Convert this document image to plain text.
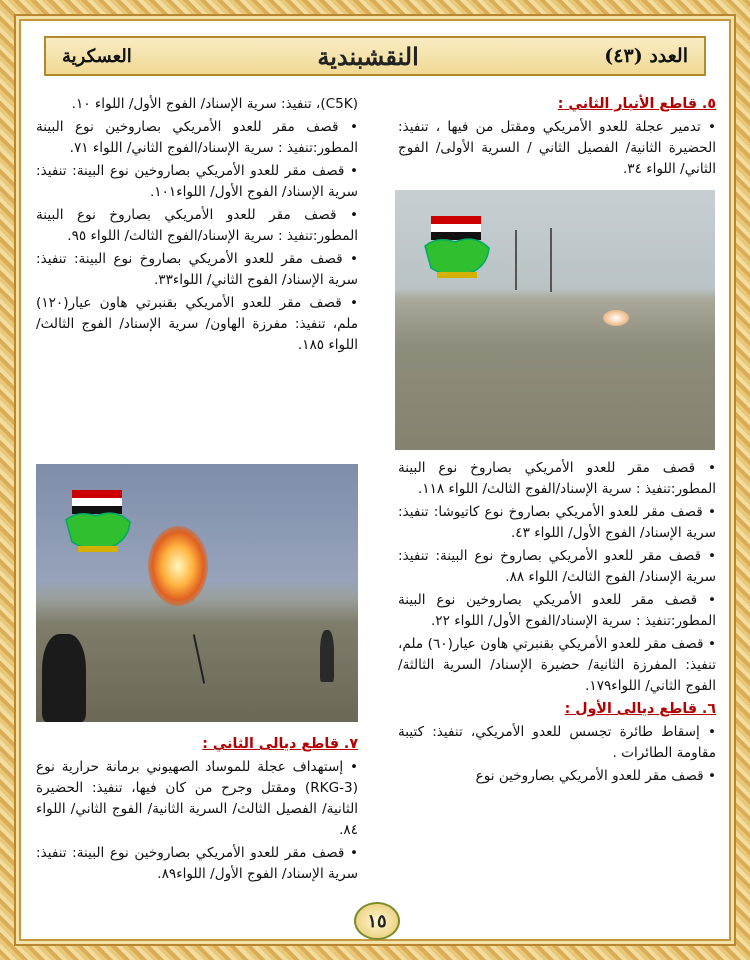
العسكرية	النقشبندية	العدد (٤٣)

٥. قاطع الأنبار الثاني :

• تدمير عجلة للعدو الأمريكي ومقتل من فيها ، تنفيذ: الحضيرة الثانية/ الفصيل الثاني / السرية الأولى/ الفوج الثاني/ اللواء ٣٤.

• قصف مقر للعدو الأمريكي بصاروخ نوع البينة المطور:تنفيذ : سرية الإسناد/الفوج الثالث/ اللواء ١١٨.

• قصف مقر للعدو الأمريكي بصاروخ نوع كاتيوشا: تنفيذ: سرية الإسناد/ الفوج الأول/ اللواء ٤٣.

• قصف مقر للعدو الأمريكي بصاروخ نوع البينة: تنفيذ: سرية الإسناد/ الفوج الثالث/ اللواء ٨٨.

• قصف مقر للعدو الأمريكي بصاروخين نوع البينة المطور:تنفيذ : سرية الإسناد/الفوج الأول/ اللواء ٢٢.

• قصف مقر للعدو الأمريكي بقنبرتي هاون عيار(٦٠) ملم، تنفيذ: المفرزة الثانية/ حضيرة الإسناد/ السرية الثالثة/ الفوج الثاني/ اللواء١٧٩.

٦. قاطع ديالى الأول :

• إسقاط طائرة تجسس للعدو الأمريكي، تنفيذ: كتيبة مقاومة الطائرات .

• قصف مقر للعدو الأمريكي بصاروخين نوع

(C5K)، تنفيذ: سرية الإسناد/ الفوج الأول/ اللواء ١٠.

• قصف مقر للعدو الأمريكي بصاروخين نوع البينة المطور:تنفيذ : سرية الإسناد/الفوج الثاني/ اللواء ٧١.

• قصف مقر للعدو الأمريكي بصاروخين نوع البينة: تنفيذ: سرية الإسناد/ الفوج الأول/ اللواء١٠١.

• قصف مقر للعدو الأمريكي بصاروخ نوع البينة المطور:تنفيذ : سرية الإسناد/الفوج الثالث/ اللواء ٩٥.

• قصف مقر للعدو الأمريكي بصاروخ نوع البينة: تنفيذ: سرية الإسناد/ الفوج الثاني/ اللواء٣٣.

• قصف مقر للعدو الأمريكي بقنبرتي هاون عيار(١٢٠) ملم، تنفيذ: مفرزة الهاون/ سرية الإسناد/ الفوج الثالث/ اللواء ١٨٥.

٧. قاطع ديالى الثاني :

• إستهداف عجلة للموساد الصهيوني برمانة حرارية نوع (RKG-3) ومقتل وجرح من كان فيها، تنفيذ: الحضيرة الثانية/ الفصيل الثالث/ السرية الثانية/ الفوج الثاني/ اللواء ٨٤.

• قصف مقر للعدو الأمريكي بصاروخين نوع البينة: تنفيذ: سرية الإسناد/ الفوج الأول/ اللواء٨٩.

١٥
